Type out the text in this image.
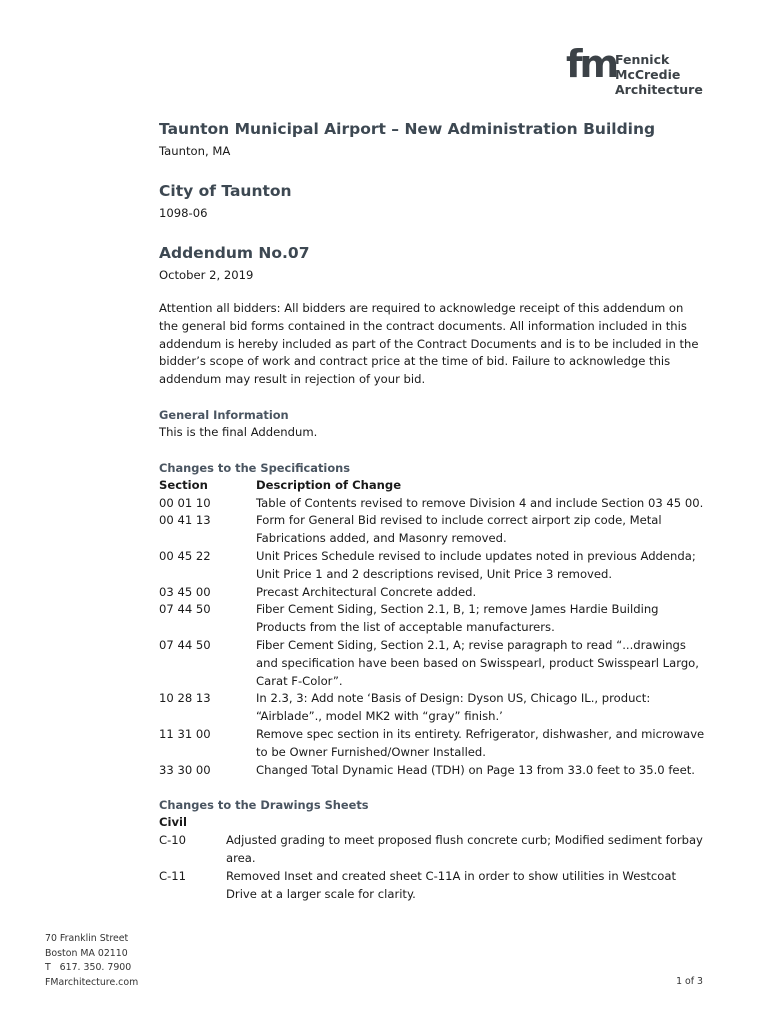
fm
Fennick
McCredie
Architecture
Taunton Municipal Airport – New Administration Building

Taunton, MA

City of Taunton

1098-06

Addendum No.07

October 2, 2019

Attention all bidders: All bidders are required to acknowledge receipt of this addendum on the general bid forms contained in the contract documents. All information included in this addendum is hereby included as part of the Contract Documents and is to be included in the bidder’s scope of work and contract price at the time of bid. Failure to acknowledge this addendum may result in rejection of your bid.

General Information
This is the final Addendum.
Changes to the Specifications
Section	Description of Change
00 01 10	Table of Contents revised to remove Division 4 and include Section 03 45 00.
00 41 13	Form for General Bid revised to include correct airport zip code, Metal Fabrications added, and Masonry removed.
00 45 22	Unit Prices Schedule revised to include updates noted in previous Addenda; Unit Price 1 and 2 descriptions revised, Unit Price 3 removed.
03 45 00	Precast Architectural Concrete added.
07 44 50	Fiber Cement Siding, Section 2.1, B, 1; remove James Hardie Building Products from the list of acceptable manufacturers.
07 44 50	Fiber Cement Siding, Section 2.1, A; revise paragraph to read “...drawings and specification have been based on Swisspearl, product Swisspearl Largo, Carat F-Color”.
10 28 13	In 2.3, 3: Add note ‘Basis of Design: Dyson US, Chicago IL., product: “Airblade”., model MK2 with “gray” finish.’
11 31 00	Remove spec section in its entirety. Refrigerator, dishwasher, and microwave to be Owner Furnished/Owner Installed.
33 30 00	Changed Total Dynamic Head (TDH) on Page 13 from 33.0 feet to 35.0 feet.
Changes to the Drawings Sheets
Civil
C-10	Adjusted grading to meet proposed flush concrete curb; Modified sediment forbay area.
C-11	Removed Inset and created sheet C-11A in order to show utilities in Westcoat Drive at a larger scale for clarity.
70 Franklin Street
Boston MA 02110
T   617. 350. 7900
FMarchitecture.com	1 of 3
